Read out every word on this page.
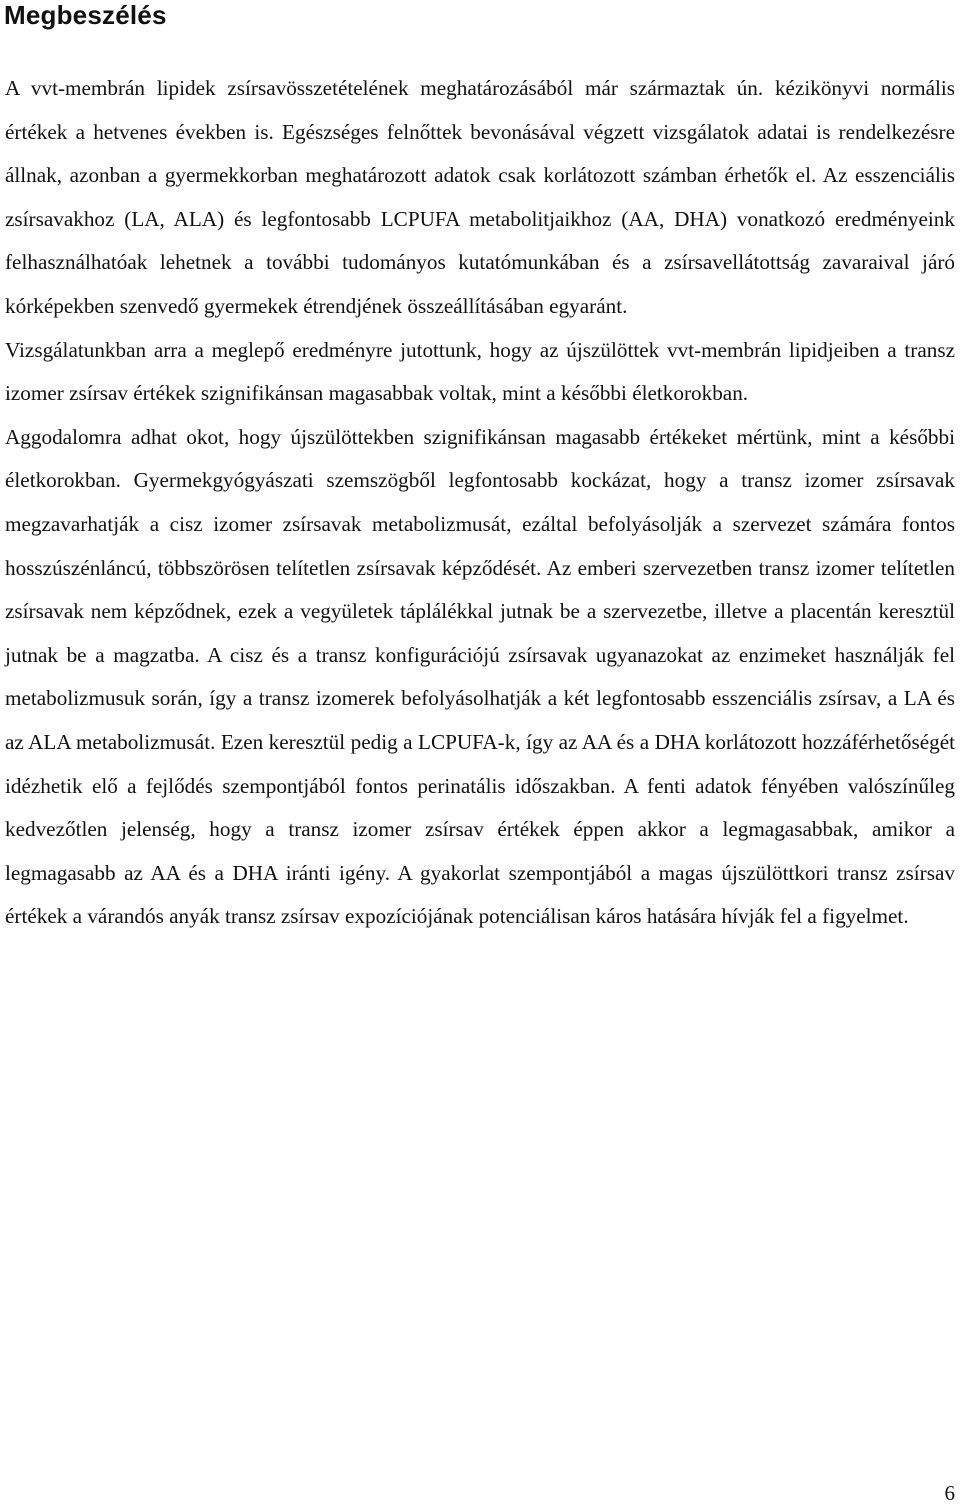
Megbeszélés

A vvt-membrán lipidek zsírsavösszetételének meghatározásából már származtak ún. kézikönyvi normális értékek a hetvenes években is. Egészséges felnőttek bevonásával végzett vizsgálatok adatai is rendelkezésre állnak, azonban a gyermekkorban meghatározott adatok csak korlátozott számban érhetők el. Az esszenciális zsírsavakhoz (LA, ALA) és legfontosabb LCPUFA metabolitjaikhoz (AA, DHA) vonatkozó eredményeink felhasználhatóak lehetnek a további tudományos kutatómunkában és a zsírsavellátottság zavaraival járó kórképekben szenvedő gyermekek étrendjének összeállításában egyaránt.

Vizsgálatunkban arra a meglepő eredményre jutottunk, hogy az újszülöttek vvt-membrán lipidjeiben a transz izomer zsírsav értékek szignifikánsan magasabbak voltak, mint a későbbi életkorokban.

Aggodalomra adhat okot, hogy újszülöttekben szignifikánsan magasabb értékeket mértünk, mint a későbbi életkorokban. Gyermekgyógyászati szemszögből legfontosabb kockázat, hogy a transz izomer zsírsavak megzavarhatják a cisz izomer zsírsavak metabolizmusát, ezáltal befolyásolják a szervezet számára fontos hosszúszénláncú, többszörösen telítetlen zsírsavak képződését. Az emberi szervezetben transz izomer telítetlen zsírsavak nem képződnek, ezek a vegyületek táplálékkal jutnak be a szervezetbe, illetve a placentán keresztül jutnak be a magzatba. A cisz és a transz konfigurációjú zsírsavak ugyanazokat az enzimeket használják fel metabolizmusuk során, így a transz izomerek befolyásolhatják a két legfontosabb esszenciális zsírsav, a LA és az ALA metabolizmusát. Ezen keresztül pedig a LCPUFA-k, így az AA és a DHA korlátozott hozzáférhetőségét idézhetik elő a fejlődés szempontjából fontos perinatális időszakban. A fenti adatok fényében valószínűleg kedvezőtlen jelenség, hogy a transz izomer zsírsav értékek éppen akkor a legmagasabbak, amikor a legmagasabb az AA és a DHA iránti igény. A gyakorlat szempontjából a magas újszülöttkori transz zsírsav értékek a várandós anyák transz zsírsav expozíciójának potenciálisan káros hatására hívják fel a figyelmet.

6
